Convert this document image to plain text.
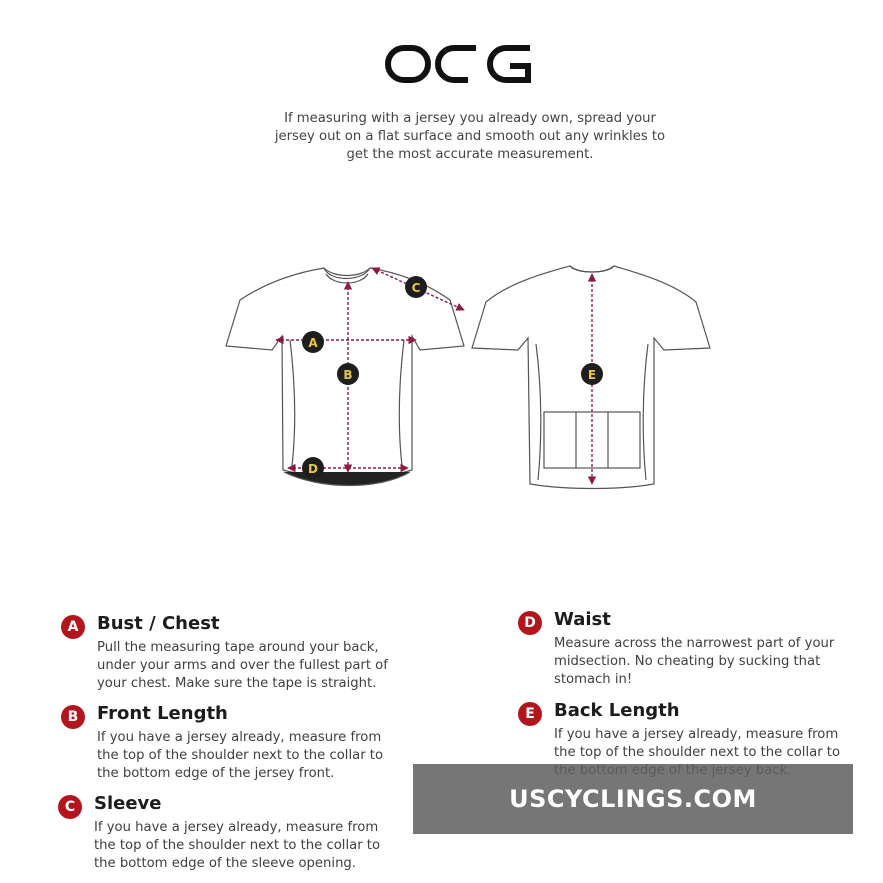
If measuring with a jersey you already own, spread your
jersey out on a flat surface and smooth out any wrinkles to
get the most accurate measurement.
A
B
C
D
E
A	Bust / Chest
Pull the measuring tape around your back,
under your arms and over the fullest part of
your chest. Make sure the tape is straight.
B	Front Length
If you have a jersey already, measure from
the top of the shoulder next to the collar to
the bottom edge of the jersey front.
C	Sleeve
If you have a jersey already, measure from
the top of the shoulder next to the collar to
the bottom edge of the sleeve opening.
D	Waist
Measure across the narrowest part of your
midsection. No cheating by sucking that
stomach in!
E	Back Length
If you have a jersey already, measure from
the top of the shoulder next to the collar to

USCYCLINGS.COM
